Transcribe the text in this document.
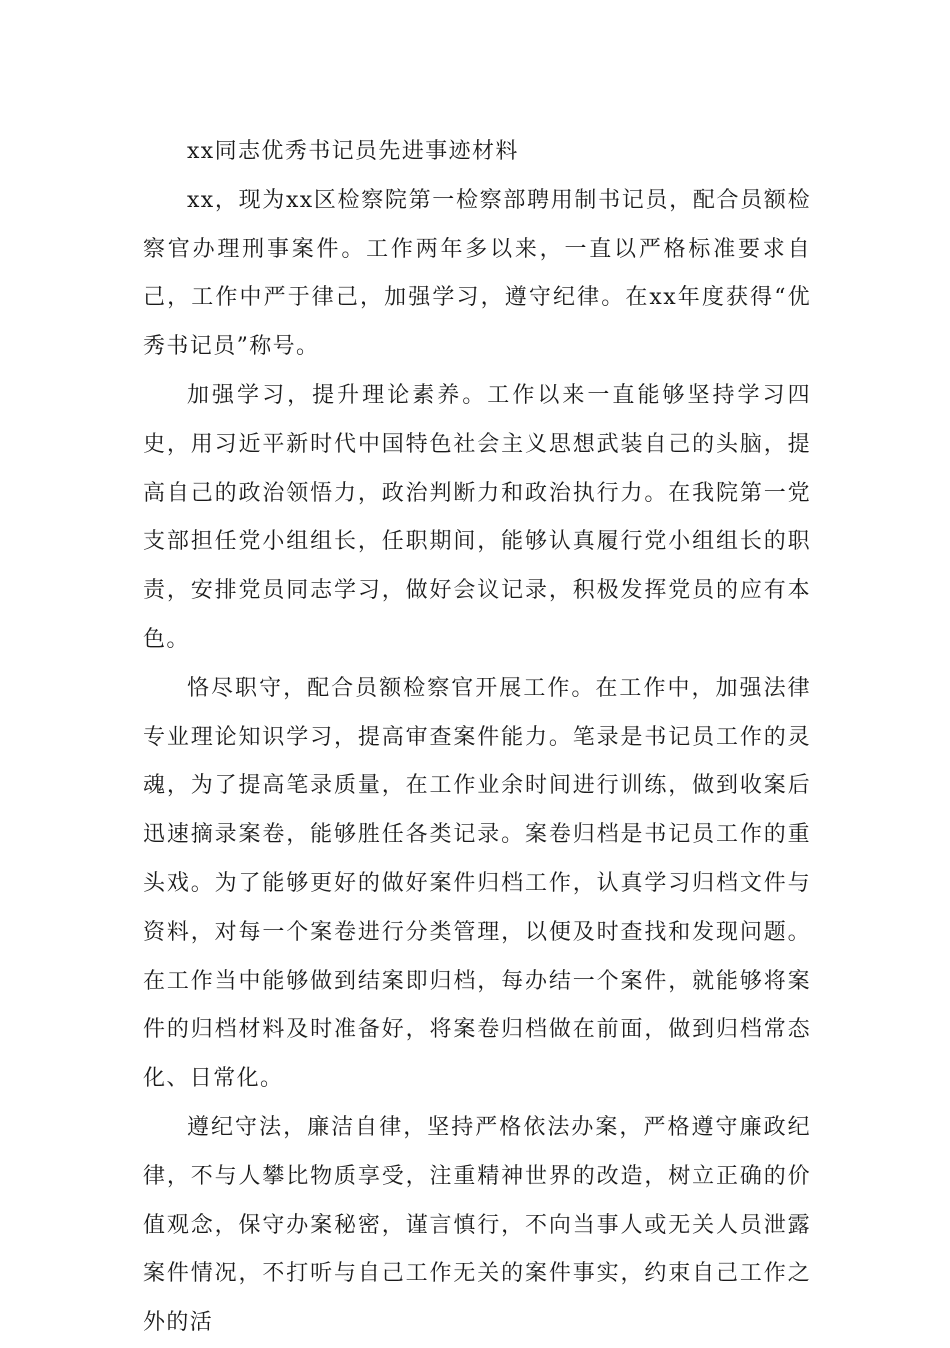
xx同志优秀书记员先进事迹材料

xx，现为xx区检察院第一检察部聘用制书记员，配合员额检察官办理刑事案件。工作两年多以来，一直以严格标准要求自己，工作中严于律己，加强学习，遵守纪律。在xx年度获得“优秀书记员”称号。

加强学习，提升理论素养。工作以来一直能够坚持学习四史，用习近平新时代中国特色社会主义思想武装自己的头脑，提高自己的政治领悟力，政治判断力和政治执行力。在我院第一党支部担任党小组组长，任职期间，能够认真履行党小组组长的职责，安排党员同志学习，做好会议记录，积极发挥党员的应有本色。

恪尽职守，配合员额检察官开展工作。在工作中，加强法律专业理论知识学习，提高审查案件能力。笔录是书记员工作的灵魂，为了提高笔录质量，在工作业余时间进行训练，做到收案后迅速摘录案卷，能够胜任各类记录。案卷归档是书记员工作的重头戏。为了能够更好的做好案件归档工作，认真学习归档文件与资料，对每一个案卷进行分类管理，以便及时查找和发现问题。在工作当中能够做到结案即归档，每办结一个案件，就能够将案件的归档材料及时准备好，将案卷归档做在前面，做到归档常态化、日常化。

遵纪守法，廉洁自律，坚持严格依法办案，严格遵守廉政纪律，不与人攀比物质享受，注重精神世界的改造，树立正确的价值观念，保守办案秘密，谨言慎行，不向当事人或无关人员泄露案件情况，不打听与自己工作无关的案件事实，约束自己工作之外的活
